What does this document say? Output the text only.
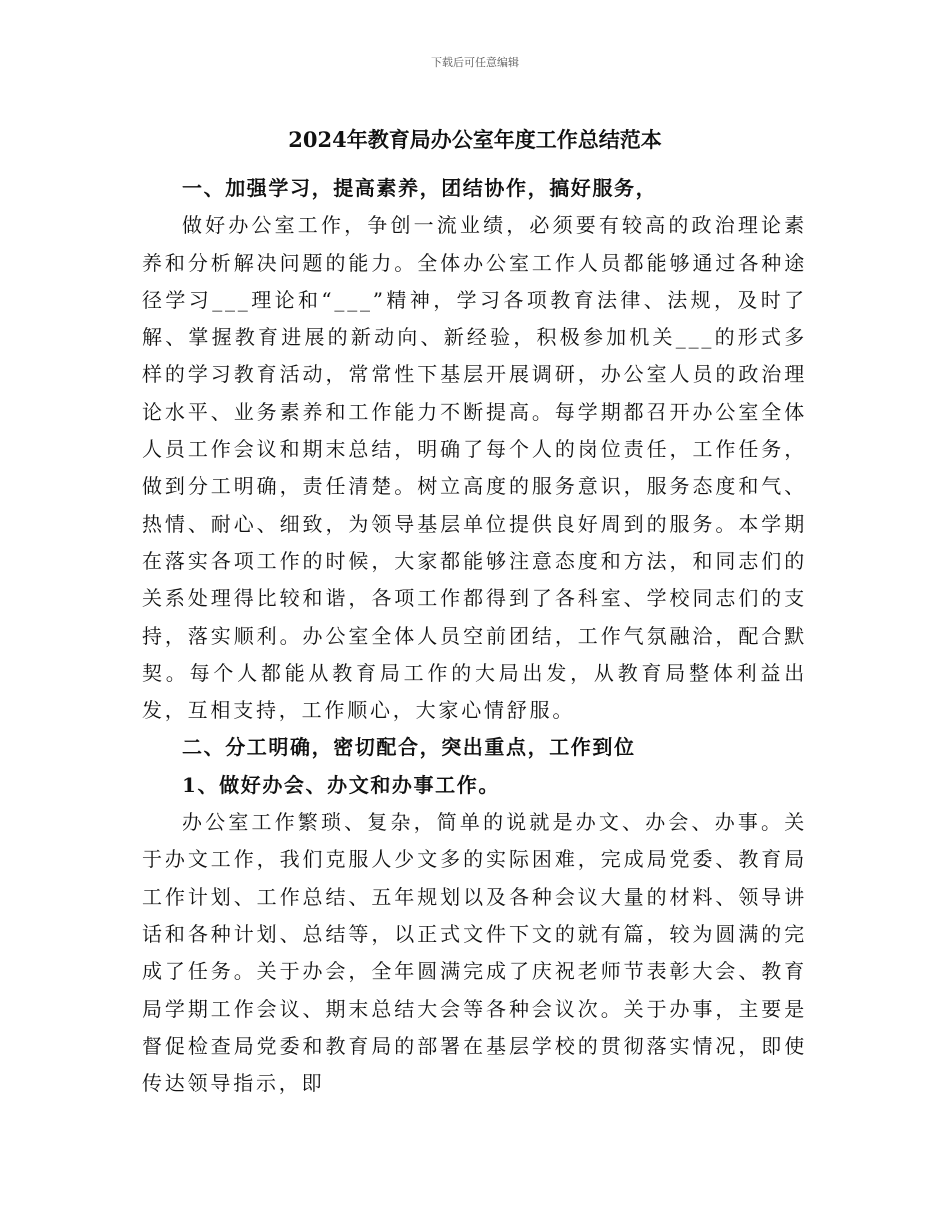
下载后可任意编辑
2024年教育局办公室年度工作总结范本

一、加强学习，提高素养，团结协作，搞好服务，

做好办公室工作，争创一流业绩，必须要有较高的政治理论素养和分析解决问题的能力。全体办公室工作人员都能够通过各种途径学习___理论和“___”精神，学习各项教育法律、法规，及时了解、掌握教育进展的新动向、新经验，积极参加机关___的形式多样的学习教育活动，常常性下基层开展调研，办公室人员的政治理论水平、业务素养和工作能力不断提高。每学期都召开办公室全体人员工作会议和期末总结，明确了每个人的岗位责任，工作任务，做到分工明确，责任清楚。树立高度的服务意识，服务态度和气、热情、耐心、细致，为领导基层单位提供良好周到的服务。本学期在落实各项工作的时候，大家都能够注意态度和方法，和同志们的关系处理得比较和谐，各项工作都得到了各科室、学校同志们的支持，落实顺利。办公室全体人员空前团结，工作气氛融洽，配合默契。每个人都能从教育局工作的大局出发，从教育局整体利益出发，互相支持，工作顺心，大家心情舒服。

二、分工明确，密切配合，突出重点，工作到位

1、做好办会、办文和办事工作。

办公室工作繁琐、复杂，简单的说就是办文、办会、办事。关于办文工作，我们克服人少文多的实际困难，完成局党委、教育局工作计划、工作总结、五年规划以及各种会议大量的材料、领导讲话和各种计划、总结等，以正式文件下文的就有篇，较为圆满的完成了任务。关于办会，全年圆满完成了庆祝老师节表彰大会、教育局学期工作会议、期末总结大会等各种会议次。关于办事，主要是督促检查局党委和教育局的部署在基层学校的贯彻落实情况，即使传达领导指示，即
